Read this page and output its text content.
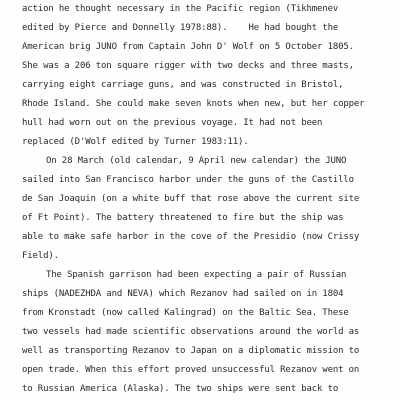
action he thought necessary in the Pacific region (Tikhmenev
edited by Pierce and Donnelly 1978:88).    He had bought the
American brig JUNO from Captain John D' Wolf on 5 October 1805.
She was a 206 ton square rigger with two decks and three masts,
carrying eight carriage guns, and was constructed in Bristol,
Rhode Island. She could make seven knots when new, but her copper
hull had worn out on the previous voyage. It had not been
replaced (D'Wolf edited by Turner 1983:11).
On 28 March (old calendar, 9 April new calendar) the JUNO
sailed into San Francisco harbor under the guns of the Castillo
de San Joaquin (on a white buff that rose above the current site
of Ft Point). The battery threatened to fire but the ship was
able to make safe harbor in the cove of the Presidio (now Crissy
Field).
The Spanish garrison had been expecting a pair of Russian
ships (NADEZHDA and NEVA) which Rezanov had sailed on in 1804
from Kronstadt (now called Kalingrad) on the Baltic Sea. These
two vessels had made scientific observations around the world as
well as transporting Rezanov to Japan on a diplomatic mission to
open trade. When this effort proved unsuccessful Rezanov went on
to Russian America (Alaska). The two ships were sent back to
